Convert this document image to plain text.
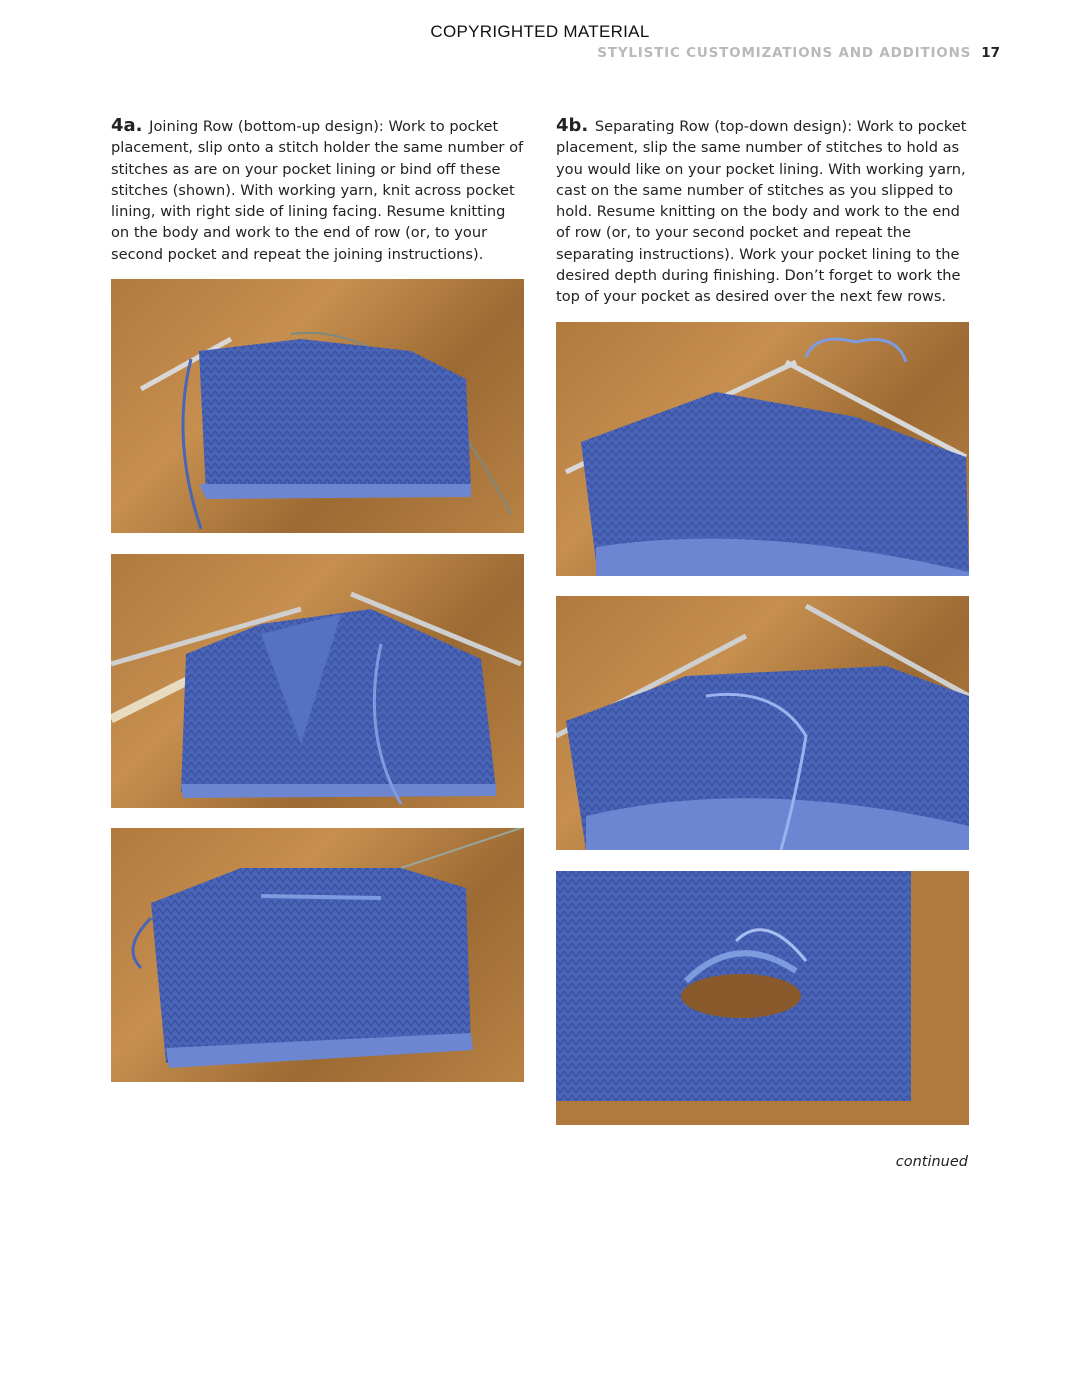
COPYRIGHTED MATERIAL
STYLISTIC CUSTOMIZATIONS AND ADDITIONS 17
4a. Joining Row (bottom-up design): Work to pocket placement, slip onto a stitch holder the same number of stitches as are on your pocket lining or bind off these stitches (shown). With working yarn, knit across pocket lining, with right side of lining facing. Resume knitting on the body and work to the end of row (or, to your second pocket and repeat the joining instructions).
4b. Separating Row (top-down design): Work to pocket placement, slip the same number of stitches to hold as you would like on your pocket lining. With working yarn, cast on the same number of stitches as you slipped to hold. Resume knitting on the body and work to the end of row (or, to your second pocket and repeat the separating instructions). Work your pocket lining to the desired depth during finishing. Don’t forget to work the top of your pocket as desired over the next few rows.
continued
